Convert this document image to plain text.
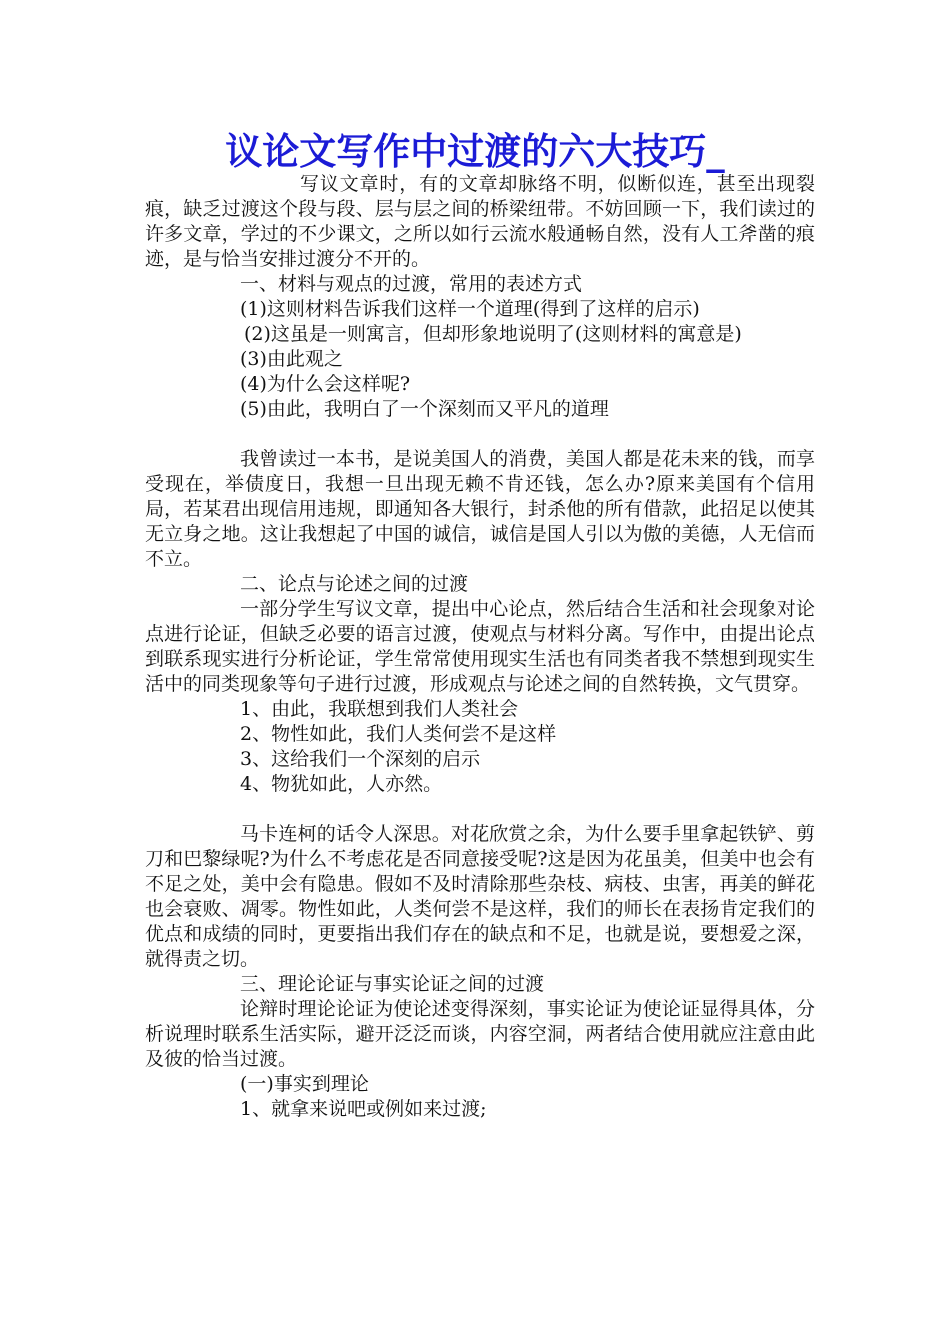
议论文写作中过渡的六大技巧_

写议文章时，有的文章却脉络不明，似断似连，甚至出现裂痕，缺乏过渡这个段与段、层与层之间的桥梁纽带。不妨回顾一下，我们读过的许多文章，学过的不少课文，之所以如行云流水般通畅自然，没有人工斧凿的痕迹，是与恰当安排过渡分不开的。

一、材料与观点的过渡，常用的表述方式

(1)这则材料告诉我们这样一个道理(得到了这样的启示)

(2)这虽是一则寓言，但却形象地说明了(这则材料的寓意是)

(3)由此观之

(4)为什么会这样呢?

(5)由此，我明白了一个深刻而又平凡的道理

我曾读过一本书，是说美国人的消费，美国人都是花未来的钱，而享受现在，举债度日，我想一旦出现无赖不肯还钱，怎么办?原来美国有个信用局，若某君出现信用违规，即通知各大银行，封杀他的所有借款，此招足以使其无立身之地。这让我想起了中国的诚信，诚信是国人引以为傲的美德，人无信而不立。

二、论点与论述之间的过渡

一部分学生写议文章，提出中心论点，然后结合生活和社会现象对论点进行论证，但缺乏必要的语言过渡，使观点与材料分离。写作中，由提出论点到联系现实进行分析论证，学生常常使用现实生活也有同类者我不禁想到现实生活中的同类现象等句子进行过渡，形成观点与论述之间的自然转换，文气贯穿。

1、由此，我联想到我们人类社会

2、物性如此，我们人类何尝不是这样

3、这给我们一个深刻的启示

4、物犹如此，人亦然。

马卡连柯的话令人深思。对花欣赏之余，为什么要手里拿起铁铲、剪刀和巴黎绿呢?为什么不考虑花是否同意接受呢?这是因为花虽美，但美中也会有不足之处，美中会有隐患。假如不及时清除那些杂枝、病枝、虫害，再美的鲜花也会衰败、凋零。物性如此，人类何尝不是这样，我们的师长在表扬肯定我们的优点和成绩的同时，更要指出我们存在的缺点和不足，也就是说，要想爱之深，就得责之切。

三、理论论证与事实论证之间的过渡

论辩时理论论证为使论述变得深刻，事实论证为使论证显得具体，分析说理时联系生活实际，避开泛泛而谈，内容空洞，两者结合使用就应注意由此及彼的恰当过渡。

(一)事实到理论

1、就拿来说吧或例如来过渡;
